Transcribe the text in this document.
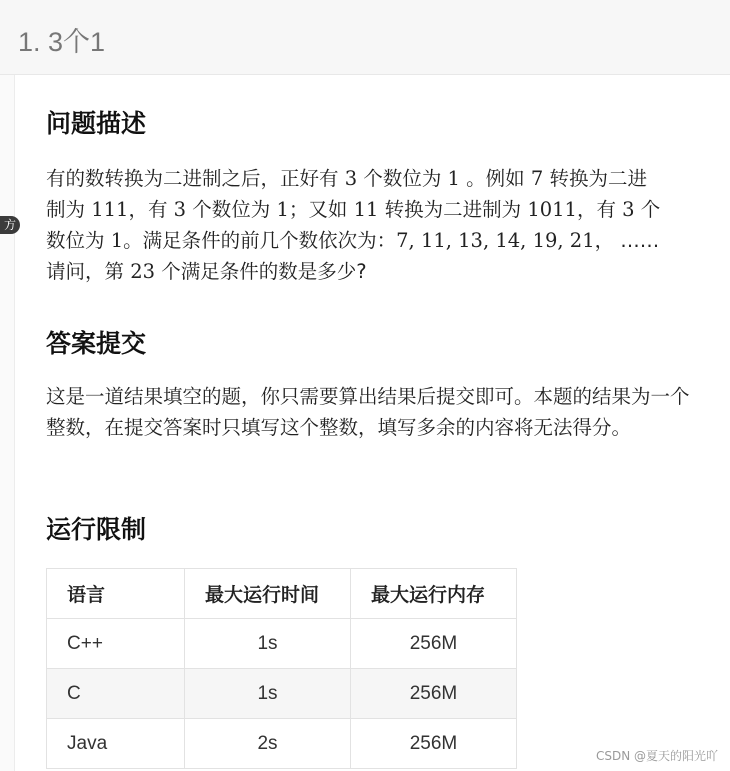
1. 3个1
方
问题描述
有的数转换为二进制之后，正好有 3 个数位为 1 。例如 7 转换为二进
制为 111，有 3 个数位为 1；又如 11 转换为二进制为 1011，有 3 个
数位为 1。满足条件的前几个数依次为：7, 11, 13, 14, 19, 21， ……
请问，第 23 个满足条件的数是多少?
答案提交

这是一道结果填空的题，你只需要算出结果后提交即可。本题的结果为一个整数，在提交答案时只填写这个整数，填写多余的内容将无法得分。

运行限制
语言	最大运行时间	最大运行内存
C++	1s	256M
C	1s	256M
Java	2s	256M
CSDN @夏天的阳光吖
